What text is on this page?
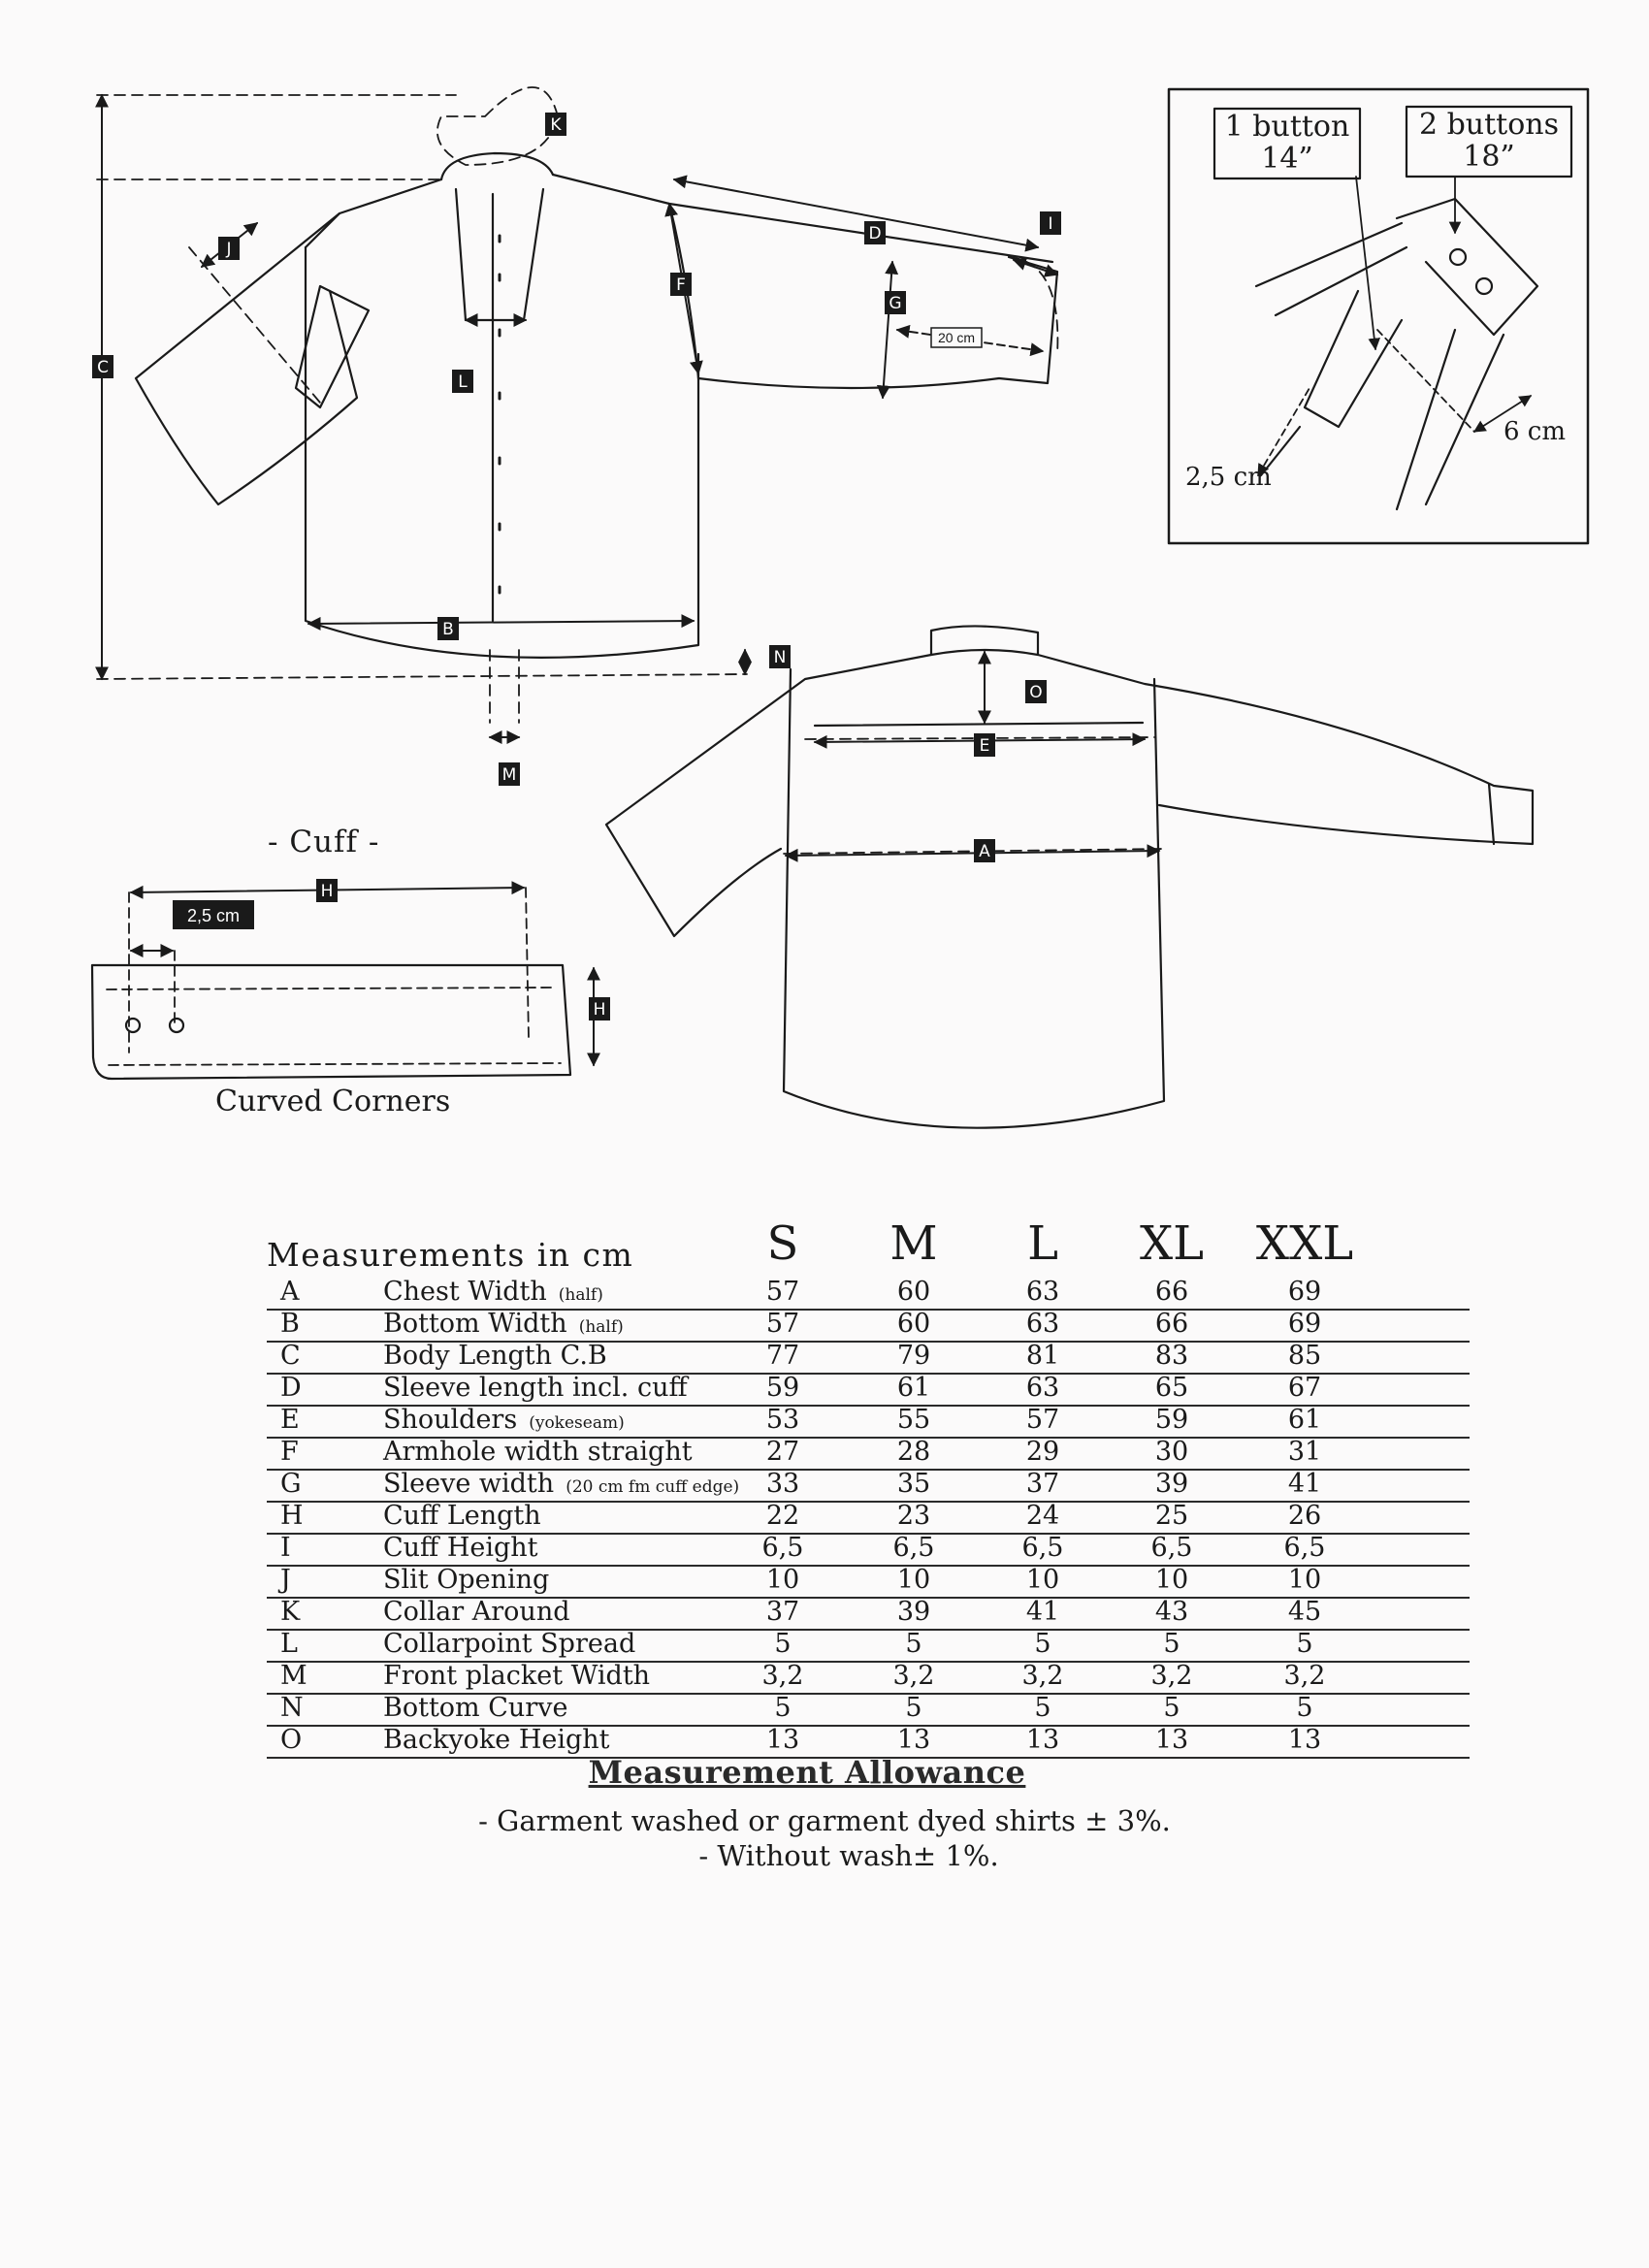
A
B
C
D
E
F
G
H
I
J
K
L
M
N
O
H
1 button
14”
2 buttons
18”
2,5 cm
6 cm
20 cm
2,5 cm
- Cuff -
Curved Corners
Measurements in cm	S	M	L	XL	XXL
A	Chest Width (half)	57	60	63	66	69
B	Bottom Width (half)	57	60	63	66	69
C	Body Length C.B	77	79	81	83	85
D	Sleeve length incl. cuff	59	61	63	65	67
E	Shoulders (yokeseam)	53	55	57	59	61
F	Armhole width straight	27	28	29	30	31
G	Sleeve width (20 cm fm cuff edge)	33	35	37	39	41
H	Cuff Length	22	23	24	25	26
I	Cuff Height	6,5	6,5	6,5	6,5	6,5
J	Slit Opening	10	10	10	10	10
K	Collar Around	37	39	41	43	45
L	Collarpoint Spread	5	5	5	5	5
M	Front placket Width	3,2	3,2	3,2	3,2	3,2
N	Bottom Curve	5	5	5	5	5
O	Backyoke Height	13	13	13	13	13
Measurement Allowance
- Garment washed or garment dyed shirts ± 3%.
- Without wash± 1%.
